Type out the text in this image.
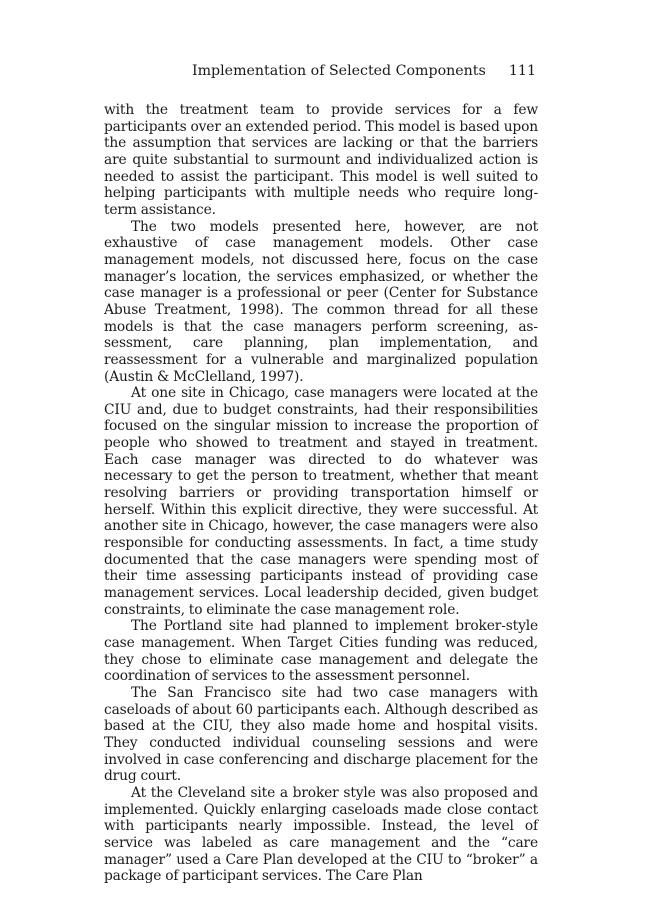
Implementation of Selected Components 111

with the treatment team to provide services for a few participants over an extended period. This model is based upon the assumption that services are lacking or that the barriers are quite substantial to surmount and individualized action is needed to assist the participant. This model is well suited to helping participants with multiple needs who require long-term assistance.

The two models presented here, however, are not exhaustive of case management models. Other case management models, not discussed here, focus on the case manager’s location, the services emphasized, or whether the case manager is a professional or peer (Center for Substance Abuse Treatment, 1998). The common thread for all these models is that the case managers perform screening, assessment, care planning, plan implementation, and reassessment for a vulnerable and marginalized population (Austin & McClelland, 1997).

At one site in Chicago, case managers were located at the CIU and, due to budget constraints, had their responsibilities focused on the singular mission to increase the proportion of people who showed to treatment and stayed in treatment. Each case manager was directed to do whatever was necessary to get the person to treatment, whether that meant resolving barriers or providing transportation himself or herself. Within this explicit directive, they were successful. At another site in Chicago, however, the case managers were also responsible for conducting assessments. In fact, a time study documented that the case managers were spending most of their time assessing participants instead of providing case management services. Local leadership decided, given budget constraints, to eliminate the case management role.

The Portland site had planned to implement broker-style case management. When Target Cities funding was reduced, they chose to eliminate case management and delegate the coordination of services to the assessment personnel.

The San Francisco site had two case managers with caseloads of about 60 participants each. Although described as based at the CIU, they also made home and hospital visits. They conducted individual counseling sessions and were involved in case conferencing and discharge placement for the drug court.

At the Cleveland site a broker style was also proposed and implemented. Quickly enlarging caseloads made close contact with participants nearly impossible. Instead, the level of service was labeled as care management and the “care manager” used a Care Plan developed at the CIU to “broker” a package of participant services. The Care Plan
